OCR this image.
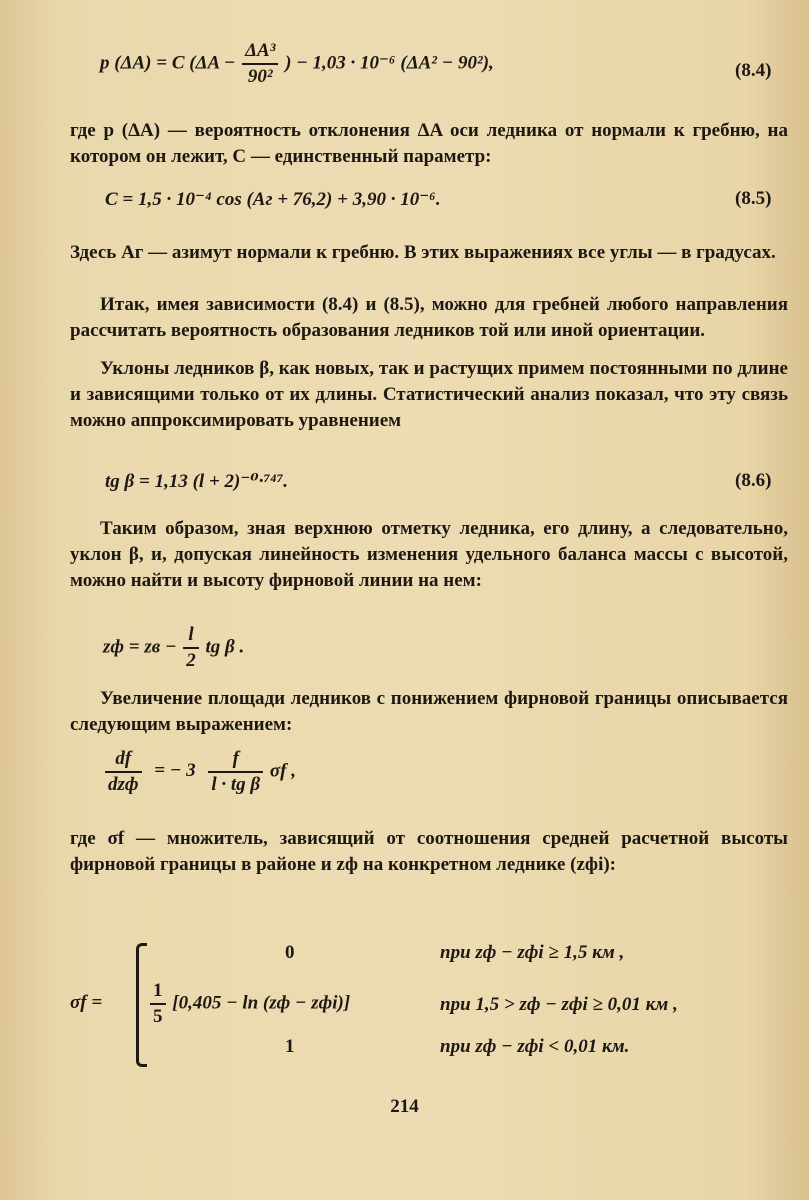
p (ΔA) = C ($\Delta A - \frac{\text{ΔA³}}{\text{90²}}$ ) − 1,03 · 10⁻⁶ (ΔA² − 90²),	(8.4)
где p (ΔA) — вероятность отклонения ΔA оси ледника от нормали к гребню, на котором он лежит, C — единственный параметр:
C = 1,5 · 10⁻⁴ cos (Aг + 76,2) + 3,90 · 10⁻⁶.	(8.5)
Здесь Aг — азимут нормали к гребню. В этих выражениях все углы — в градусах.
Итак, имея зависимости (8.4) и (8.5), можно для гребней любого направления рассчитать вероятность образования ледников той или иной ориентации.
Уклоны ледников β, как новых, так и растущих примем постоянными по длине и зависящими только от их длины. Статистический анализ показал, что эту связь можно аппроксимировать уравнением
tg β = 1,13 (l + 2)⁻⁰·⁷⁴⁷.	(8.6)
Таким образом, зная верхнюю отметку ледника, его длину, а следовательно, уклон β, и, допуская линейность изменения удельного баланса массы с высотой, можно найти и высоту фирновой линии на нем:
zф = zв − $\frac{l}{2}$ tg β .
Увеличение площади ледников с понижением фирновой границы описывается следующим выражением:
$\frac{df}{\text{dzф}}$ = − $3 \frac{f}{\text{l · tg β}}$ σf ,
где σf — множитель, зависящий от соотношения средней расчетной высоты фирновой границы в районе и zф на конкретном леднике (zфi):
σf =
0	при zф − zфi ≥ 1,5 км ,
$\frac{1}{5} [0,405 - \ln (zф - zфi)]$	при 1,5 > zф − zфi ≥ 0,01 км ,
1	при zф − zфi < 0,01 км.
214
